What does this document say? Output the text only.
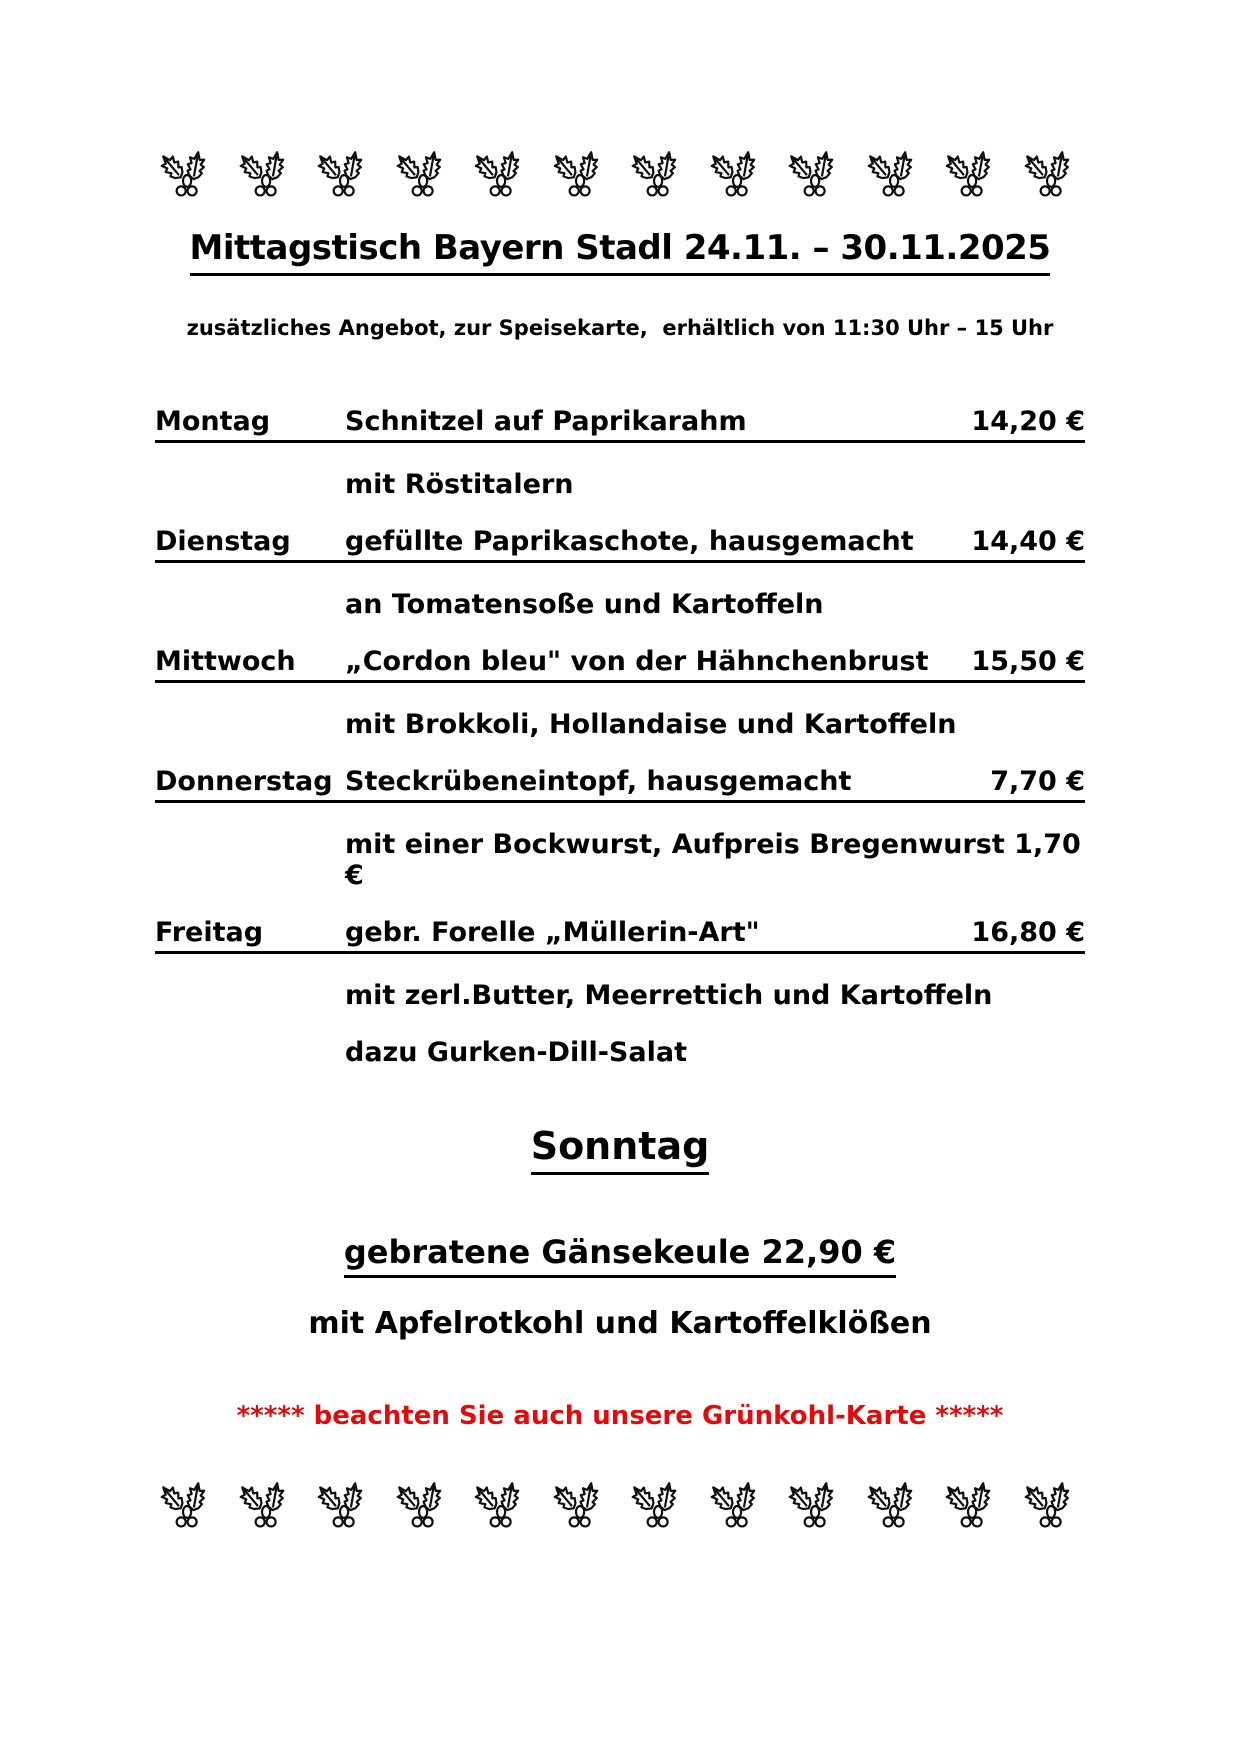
Mittagstisch Bayern Stadl 24.11. – 30.11.2025
zusätzliches Angebot, zur Speisekarte,  erhältlich von 11:30 Uhr – 15 Uhr
Montag	Schnitzel auf Paprikarahm	14,20 €
mit Röstitalern
Dienstag	gefüllte Paprikaschote, hausgemacht	14,40 €
an Tomatensoße und Kartoffeln
Mittwoch	„Cordon bleu" von der Hähnchenbrust	15,50 €
mit Brokkoli, Hollandaise und Kartoffeln
Donnerstag Steckrübeneintopf, hausgemacht	7,70 €
mit einer Bockwurst, Aufpreis Bregenwurst 1,70 €
Freitag	gebr. Forelle „Müllerin-Art"	16,80 €
mit zerl.Butter, Meerrettich und Kartoffeln
dazu Gurken-Dill-Salat
Sonntag
gebratene Gänsekeule 22,90 €
mit Apfelrotkohl und Kartoffelklößen
***** beachten Sie auch unsere Grünkohl-Karte *****
